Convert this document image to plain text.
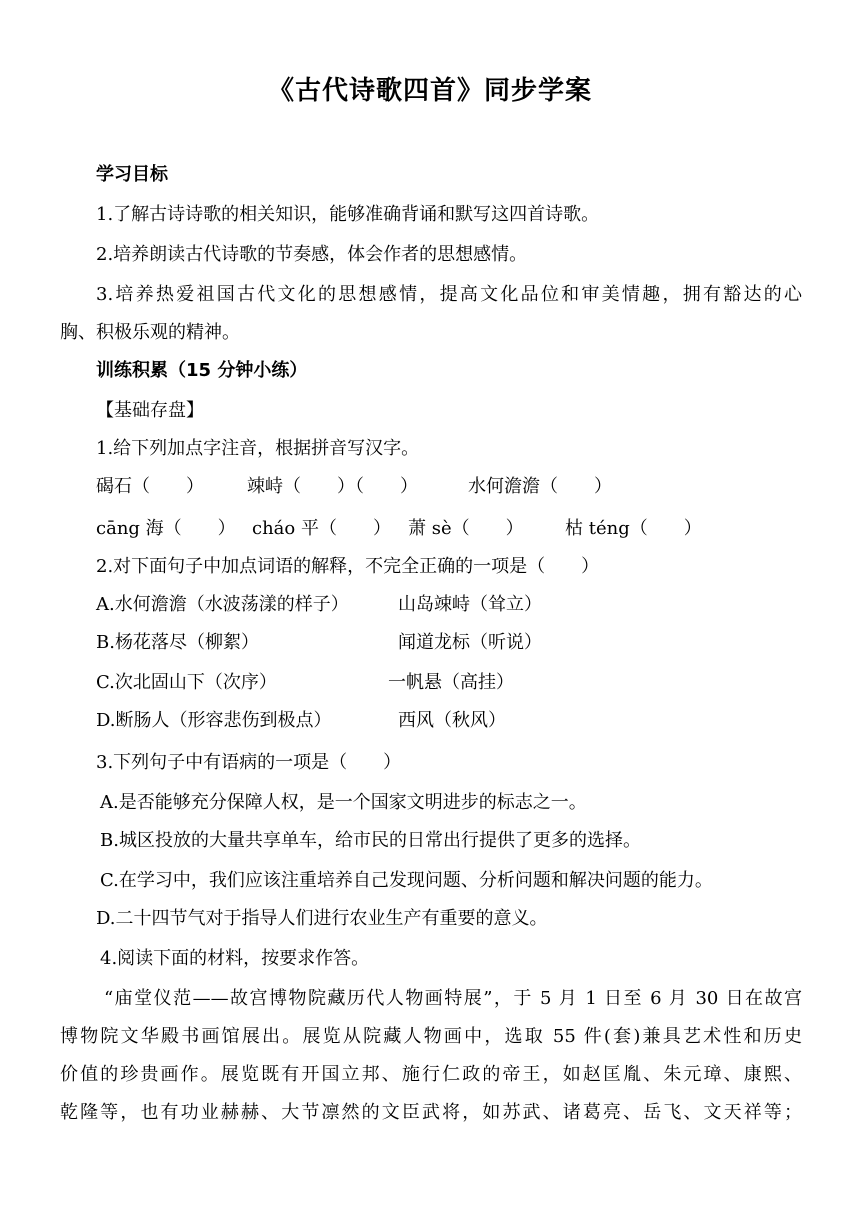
《古代诗歌四首》同步学案
学习目标
1.了解古诗诗歌的相关知识，能够准确背诵和默写这四首诗歌。
2.培养朗读古代诗歌的节奏感，体会作者的思想感情。
3.培养热爱祖国古代文化的思想感情，提高文化品位和审美情趣，拥有豁达的心
胸、积极乐观的精神。
训练积累（15 分钟小练）
【基础存盘】
1.给下列加点字注音，根据拼音写汉字。
碣石（　　） 竦峙（　　）（　　）	水何澹澹（　　）
cāng 海（　　） cháo 平（　　） 萧 sè（　　） 枯 téng（　　）
2.对下面句子中加点词语的解释，不完全正确的一项是（　　）
A.水何澹澹（水波荡漾的样子）	山岛竦峙（耸立）
B.杨花落尽（柳絮）	闻道龙标（听说）
C.次北固山下（次序）	一帆悬（高挂）
D.断肠人（形容悲伤到极点）	西风（秋风）
3.下列句子中有语病的一项是（　　）
A.是否能够充分保障人权，是一个国家文明进步的标志之一。
B.城区投放的大量共享单车，给市民的日常出行提供了更多的选择。
C.在学习中，我们应该注重培养自己发现问题、分析问题和解决问题的能力。
D.二十四节气对于指导人们进行农业生产有重要的意义。
4.阅读下面的材料，按要求作答。
“庙堂仪范——故宫博物院藏历代人物画特展”，于 5 月 1 日至 6 月 30 日在故宫
博物院文华殿书画馆展出。展览从院藏人物画中，选取 55 件(套)兼具艺术性和历史
价值的珍贵画作。展览既有开国立邦、施行仁政的帝王，如赵匡胤、朱元璋、康熙、
乾隆等，也有功业赫赫、大节凛然的文臣武将，如苏武、诸葛亮、岳飞、文天祥等；
